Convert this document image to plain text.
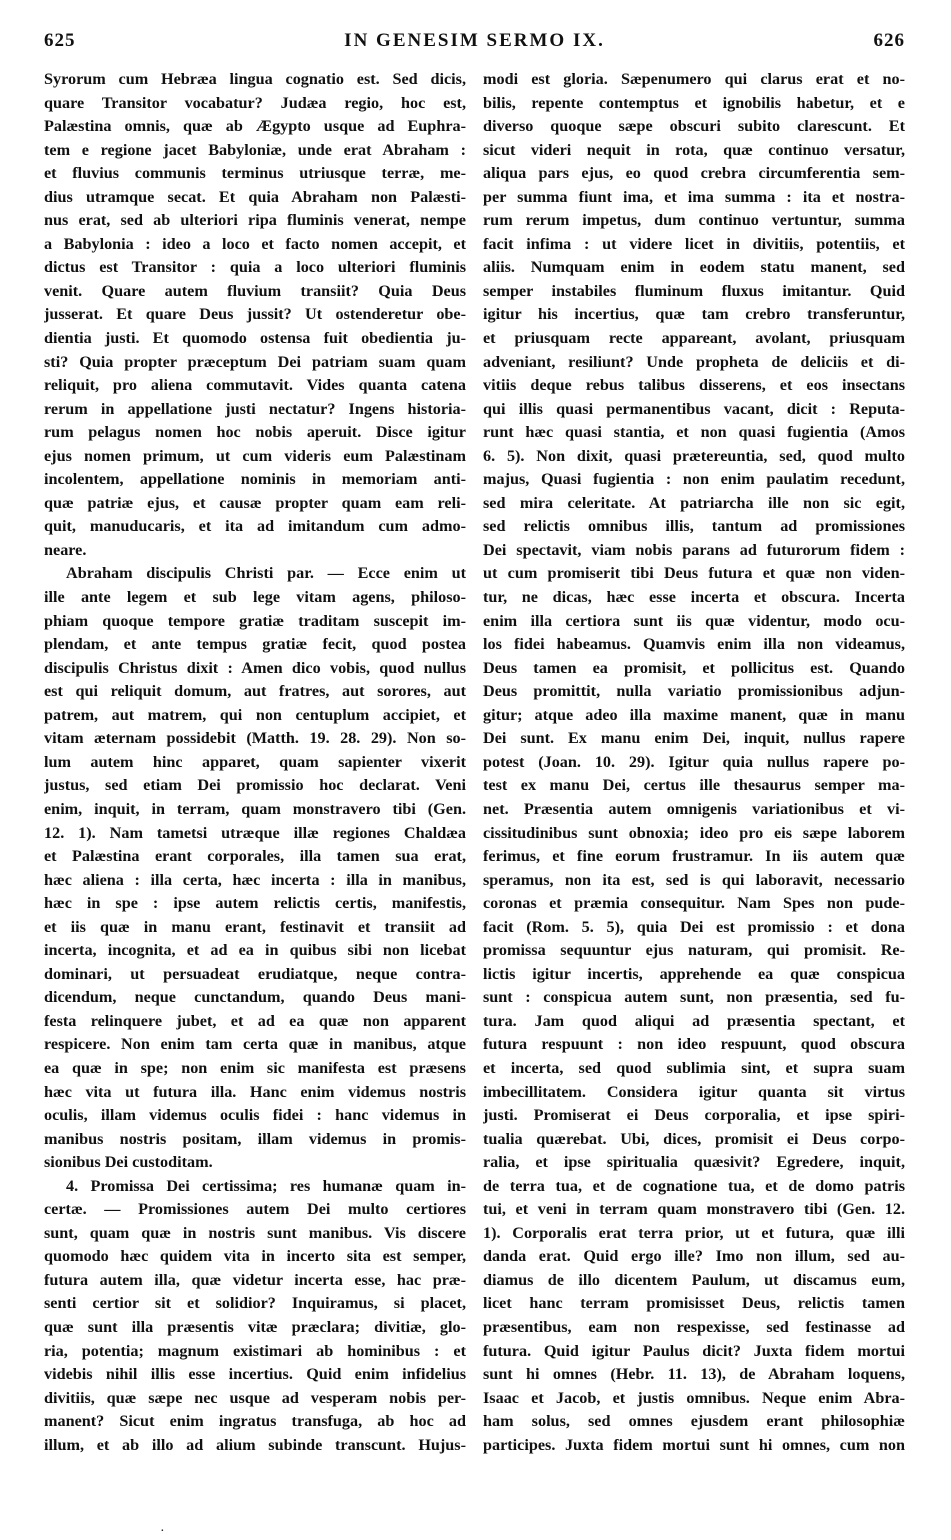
625	IN GENESIM SERMO IX.	626

Syrorum cum Hebræa lingua cognatio est. Sed dicis,
quare Transitor vocabatur? Judæa regio, hoc est,
Palæstina omnis, quæ ab Ægypto usque ad Euphra-
tem e regione jacet Babyloniæ, unde erat Abraham :
et fluvius communis terminus utriusque terræ, me-
dius utramque secat. Et quia Abraham non Palæsti-
nus erat, sed ab ulteriori ripa fluminis venerat, nempe
a Babylonia : ideo a loco et facto nomen accepit, et
dictus est Transitor : quia a loco ulteriori fluminis
venit. Quare autem fluvium transiit? Quia Deus
jusserat. Et quare Deus jussit? Ut ostenderetur obe-
dientia justi. Et quomodo ostensa fuit obedientia ju-
sti? Quia propter præceptum Dei patriam suam quam
reliquit, pro aliena commutavit. Vides quanta catena
rerum in appellatione justi nectatur? Ingens historia-
rum pelagus nomen hoc nobis aperuit. Disce igitur
ejus nomen primum, ut cum videris eum Palæstinam
incolentem, appellatione nominis in memoriam anti-
quæ patriæ ejus, et causæ propter quam eam reli-
quit, manuducaris, et ita ad imitandum cum admo-
neare.

Abraham discipulis Christi par. — Ecce enim ut
ille ante legem et sub lege vitam agens, philoso-
phiam quoque tempore gratiæ traditam suscepit im-
plendam, et ante tempus gratiæ fecit, quod postea
discipulis Christus dixit : Amen dico vobis, quod nullus
est qui reliquit domum, aut fratres, aut sorores, aut
patrem, aut matrem, qui non centuplum accipiet, et
vitam æternam possidebit (Matth. 19. 28. 29). Non so-
lum autem hinc apparet, quam sapienter vixerit
justus, sed etiam Dei promissio hoc declarat. Veni
enim, inquit, in terram, quam monstravero tibi (Gen.
12. 1). Nam tametsi utræque illæ regiones Chaldæa
et Palæstina erant corporales, illa tamen sua erat,
hæc aliena : illa certa, hæc incerta : illa in manibus,
hæc in spe : ipse autem relictis certis, manifestis,
et iis quæ in manu erant, festinavit et transiit ad
incerta, incognita, et ad ea in quibus sibi non licebat
dominari, ut persuadeat erudiatque, neque contra-
dicendum, neque cunctandum, quando Deus mani-
festa relinquere jubet, et ad ea quæ non apparent
respicere. Non enim tam certa quæ in manibus, atque
ea quæ in spe; non enim sic manifesta est præsens
hæc vita ut futura illa. Hanc enim videmus nostris
oculis, illam videmus oculis fidei : hanc videmus in
manibus nostris positam, illam videmus in promis-
sionibus Dei custoditam.

4. Promissa Dei certissima; res humanæ quam in-
certæ. — Promissiones autem Dei multo certiores
sunt, quam quæ in nostris sunt manibus. Vis discere
quomodo hæc quidem vita in incerto sita est semper,
futura autem illa, quæ videtur incerta esse, hac præ-
senti certior sit et solidior? Inquiramus, si placet,
quæ sunt illa præsentis vitæ præclara; divitiæ, glo-
ria, potentia; magnum existimari ab hominibus : et
videbis nihil illis esse incertius. Quid enim infidelius
divitiis, quæ sæpe nec usque ad vesperam nobis per-
manent? Sicut enim ingratus transfuga, ab hoc ad
illum, et ab illo ad alium subinde transcunt. Hujus-

modi est gloria. Sæpenumero qui clarus erat et no-
bilis, repente contemptus et ignobilis habetur, et e
diverso quoque sæpe obscuri subito clarescunt. Et
sicut videri nequit in rota, quæ continuo versatur,
aliqua pars ejus, eo quod crebra circumferentia sem-
per summa fiunt ima, et ima summa : ita et nostra-
rum rerum impetus, dum continuo vertuntur, summa
facit infima : ut videre licet in divitiis, potentiis, et
aliis. Numquam enim in eodem statu manent, sed
semper instabiles fluminum fluxus imitantur. Quid
igitur his incertius, quæ tam crebro transferuntur,
et priusquam recte appareant, avolant, priusquam
adveniant, resiliunt? Unde propheta de deliciis et di-
vitiis deque rebus talibus disserens, et eos insectans
qui illis quasi permanentibus vacant, dicit : Reputa-
runt hæc quasi stantia, et non quasi fugientia (Amos
6. 5). Non dixit, quasi prætereuntia, sed, quod multo
majus, Quasi fugientia : non enim paulatim recedunt,
sed mira celeritate. At patriarcha ille non sic egit,
sed relictis omnibus illis, tantum ad promissiones
Dei spectavit, viam nobis parans ad futurorum fidem :
ut cum promiserit tibi Deus futura et quæ non viden-
tur, ne dicas, hæc esse incerta et obscura. Incerta
enim illa certiora sunt iis quæ videntur, modo ocu-
los fidei habeamus. Quamvis enim illa non videamus,
Deus tamen ea promisit, et pollicitus est. Quando
Deus promittit, nulla variatio promissionibus adjun-
gitur; atque adeo illa maxime manent, quæ in manu
Dei sunt. Ex manu enim Dei, inquit, nullus rapere
potest (Joan. 10. 29). Igitur quia nullus rapere po-
test ex manu Dei, certus ille thesaurus semper ma-
net. Præsentia autem omnigenis variationibus et vi-
cissitudinibus sunt obnoxia; ideo pro eis sæpe laborem
ferimus, et fine eorum frustramur. In iis autem quæ
speramus, non ita est, sed is qui laboravit, necessario
coronas et præmia consequitur. Nam Spes non pude-
facit (Rom. 5. 5), quia Dei est promissio : et dona
promissa sequuntur ejus naturam, qui promisit. Re-
lictis igitur incertis, apprehende ea quæ conspicua
sunt : conspicua autem sunt, non præsentia, sed fu-
tura. Jam quod aliqui ad præsentia spectant, et
futura respuunt : non ideo respuunt, quod obscura
et incerta, sed quod sublimia sint, et supra suam
imbecillitatem. Considera igitur quanta sit virtus
justi. Promiserat ei Deus corporalia, et ipse spiri-
tualia quærebat. Ubi, dices, promisit ei Deus corpo-
ralia, et ipse spiritualia quæsivit? Egredere, inquit,
de terra tua, et de cognatione tua, et de domo patris
tui, et veni in terram quam monstravero tibi (Gen. 12.
1). Corporalis erat terra prior, ut et futura, quæ illi
danda erat. Quid ergo ille? Imo non illum, sed au-
diamus de illo dicentem Paulum, ut discamus eum,
licet hanc terram promisisset Deus, relictis tamen
præsentibus, eam non respexisse, sed festinasse ad
futura. Quid igitur Paulus dicit? Juxta fidem mortui
sunt hi omnes (Hebr. 11. 13), de Abraham loquens,
Isaac et Jacob, et justis omnibus. Neque enim Abra-
ham solus, sed omnes ejusdem erant philosophiæ
participes. Juxta fidem mortui sunt hi omnes, cum non

·
